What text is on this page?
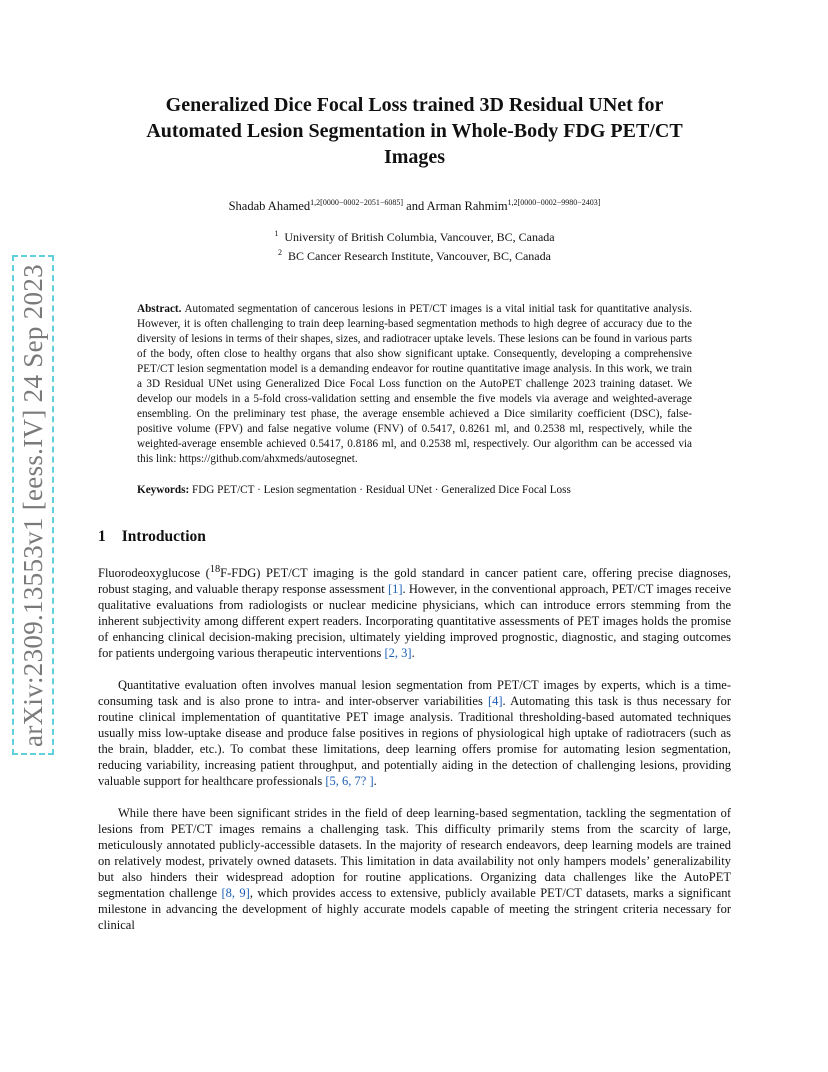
arXiv:2309.13553v1 [eess.IV] 24 Sep 2023
Generalized Dice Focal Loss trained 3D Residual UNet for Automated Lesion Segmentation in Whole-Body FDG PET/CT Images
Shadab Ahamed$^{1,2[0000-0002-2051-6085]}$ and Arman Rahmim$^{1,2[0000-0002-9980-2403]}$
$^1$ University of British Columbia, Vancouver, BC, Canada
$^2$ BC Cancer Research Institute, Vancouver, BC, Canada
Abstract. Automated segmentation of cancerous lesions in PET/CT images is a vital initial task for quantitative analysis. However, it is often challenging to train deep learning-based segmentation methods to high degree of accuracy due to the diversity of lesions in terms of their shapes, sizes, and radiotracer uptake levels. These lesions can be found in various parts of the body, often close to healthy organs that also show significant uptake. Consequently, developing a comprehensive PET/CT lesion segmentation model is a demanding endeavor for routine quantitative image analysis. In this work, we train a 3D Residual UNet using Generalized Dice Focal Loss function on the AutoPET challenge 2023 training dataset. We develop our models in a 5-fold cross-validation setting and ensemble the five models via average and weighted-average ensembling. On the preliminary test phase, the average ensemble achieved a Dice similarity coefficient (DSC), false-positive volume (FPV) and false negative volume (FNV) of 0.5417, 0.8261 ml, and 0.2538 ml, respectively, while the weighted-average ensemble achieved 0.5417, 0.8186 ml, and 0.2538 ml, respectively. Our algorithm can be accessed via this link: https://github.com/ahxmeds/autosegnet.
Keywords: FDG PET/CT · Lesion segmentation · Residual UNet · Generalized Dice Focal Loss
1 Introduction

Fluorodeoxyglucose ($^{18}$F-FDG) PET/CT imaging is the gold standard in cancer patient care, offering precise diagnoses, robust staging, and valuable therapy response assessment [1]. However, in the conventional approach, PET/CT images receive qualitative evaluations from radiologists or nuclear medicine physicians, which can introduce errors stemming from the inherent subjectivity among different expert readers. Incorporating quantitative assessments of PET images holds the promise of enhancing clinical decision-making precision, ultimately yielding improved prognostic, diagnostic, and staging outcomes for patients undergoing various therapeutic interventions [2, 3].

Quantitative evaluation often involves manual lesion segmentation from PET/CT images by experts, which is a time-consuming task and is also prone to intra- and inter-observer variabilities [4]. Automating this task is thus necessary for routine clinical implementation of quantitative PET image analysis. Traditional thresholding-based automated techniques usually miss low-uptake disease and produce false positives in regions of physiological high uptake of radiotracers (such as the brain, bladder, etc.). To combat these limitations, deep learning offers promise for automating lesion segmentation, reducing variability, increasing patient throughput, and potentially aiding in the detection of challenging lesions, providing valuable support for healthcare professionals [5, 6, 7? ].

While there have been significant strides in the field of deep learning-based segmentation, tackling the segmentation of lesions from PET/CT images remains a challenging task. This difficulty primarily stems from the scarcity of large, meticulously annotated publicly-accessible datasets. In the majority of research endeavors, deep learning models are trained on relatively modest, privately owned datasets. This limitation in data availability not only hampers models’ generalizability but also hinders their widespread adoption for routine applications. Organizing data challenges like the AutoPET segmentation challenge [8, 9], which provides access to extensive, publicly available PET/CT datasets, marks a significant milestone in advancing the development of highly accurate models capable of meeting the stringent criteria necessary for clinical
